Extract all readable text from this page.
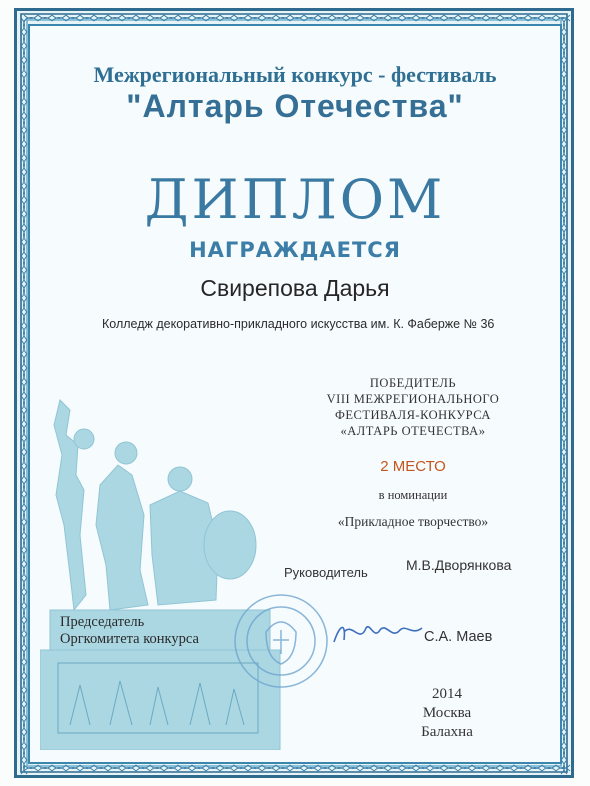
Межрегиональный конкурс - фестиваль
"Алтарь Отечества"
ДИПЛОМ
НАГРАЖДАЕТСЯ
Свирепова Дарья
Колледж декоративно-прикладного искусства им. К. Фаберже № 36
ПОБЕДИТЕЛЬ
VIII МЕЖРЕГИОНАЛЬНОГО
ФЕСТИВАЛЯ-КОНКУРСА
«АЛТАРЬ ОТЕЧЕСТВА»
2 МЕСТО
в номинации
«Прикладное творчество»
Руководитель	М.В.Дворянкова
Председатель
Оргкомитета конкурса	С.А. Маев
2014
Москва
Балахна
